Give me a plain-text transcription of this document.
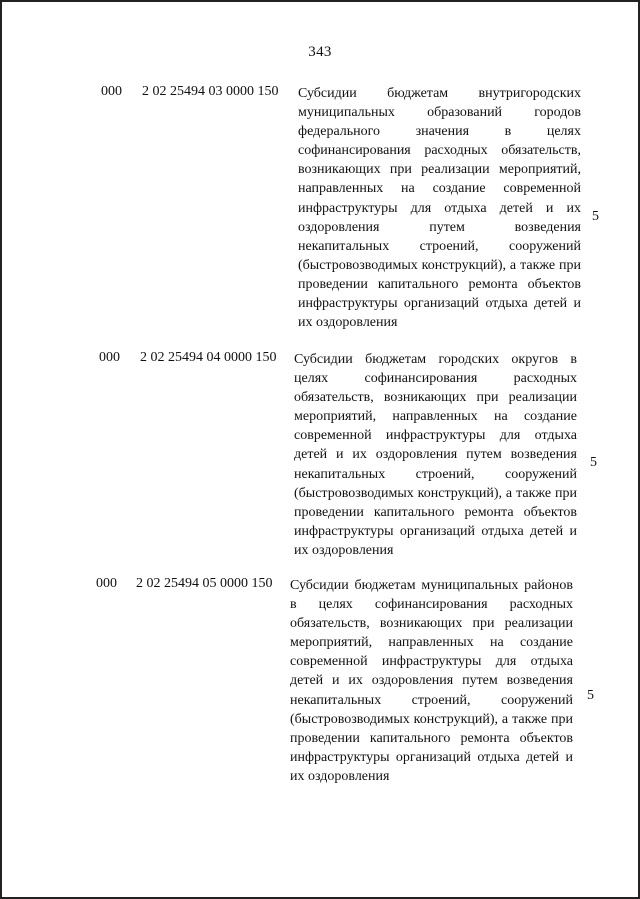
343
000 2 02 25494 03 0000 150 Субсидии бюджетам внутригородских муниципальных образований городов федерального значения в целях софинансирования расходных обязательств, возникающих при реализации мероприятий, направленных на создание современной инфраструктуры для отдыха детей и их оздоровления путем возведения некапитальных строений, сооружений (быстровозводимых конструкций), а также при проведении капитального ремонта объектов инфраструктуры организаций отдыха детей и их оздоровления

5
000 2 02 25494 04 0000 150 Субсидии бюджетам городских округов в целях софинансирования расходных обязательств, возникающих при реализации мероприятий, направленных на создание современной инфраструктуры для отдыха детей и их оздоровления путем возведения некапитальных строений, сооружений (быстровозводимых конструкций), а также при проведении капитального ремонта объектов инфраструктуры организаций отдыха детей и их оздоровления

5
000 2 02 25494 05 0000 150 Субсидии бюджетам муниципальных районов в целях софинансирования расходных обязательств, возникающих при реализации мероприятий, направленных на создание современной инфраструктуры для отдыха детей и их оздоровления путем возведения некапитальных строений, сооружений (быстровозводимых конструкций), а также при проведении капитального ремонта объектов инфраструктуры организаций отдыха детей и их оздоровления

5
